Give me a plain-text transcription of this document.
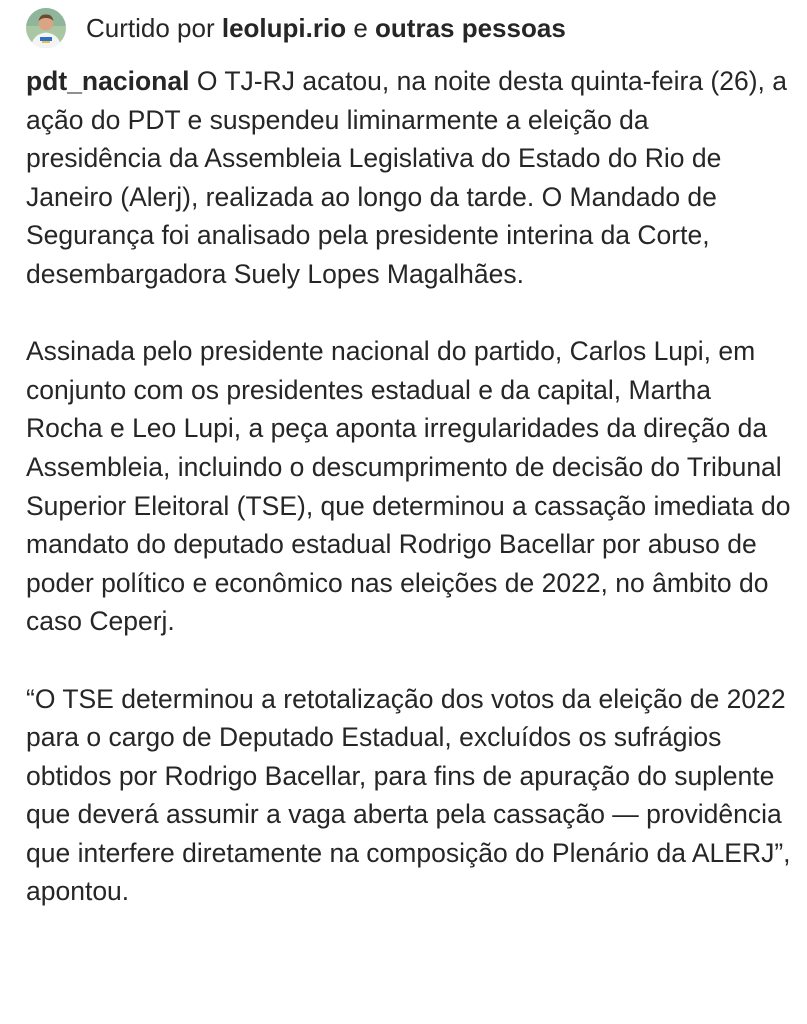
Curtido por leolupi.rio e outras pessoas

pdt_nacional O TJ-RJ acatou, na noite desta quinta-feira (26), a ação do PDT e suspendeu liminarmente a eleição da presidência da Assembleia Legislativa do Estado do Rio de Janeiro (Alerj), realizada ao longo da tarde. O Mandado de Segurança foi analisado pela presidente interina da Corte, desembargadora Suely Lopes Magalhães.

Assinada pelo presidente nacional do partido, Carlos Lupi, em conjunto com os presidentes estadual e da capital, Martha Rocha e Leo Lupi, a peça aponta irregularidades da direção da Assembleia, incluindo o descumprimento de decisão do Tribunal Superior Eleitoral (TSE), que determinou a cassação imediata do mandato do deputado estadual Rodrigo Bacellar por abuso de poder político e econômico nas eleições de 2022, no âmbito do caso Ceperj.

“O TSE determinou a retotalização dos votos da eleição de 2022 para o cargo de Deputado Estadual, excluídos os sufrágios obtidos por Rodrigo Bacellar, para fins de apuração do suplente que deverá assumir a vaga aberta pela cassação — providência que interfere diretamente na composição do Plenário da ALERJ”, apontou.
